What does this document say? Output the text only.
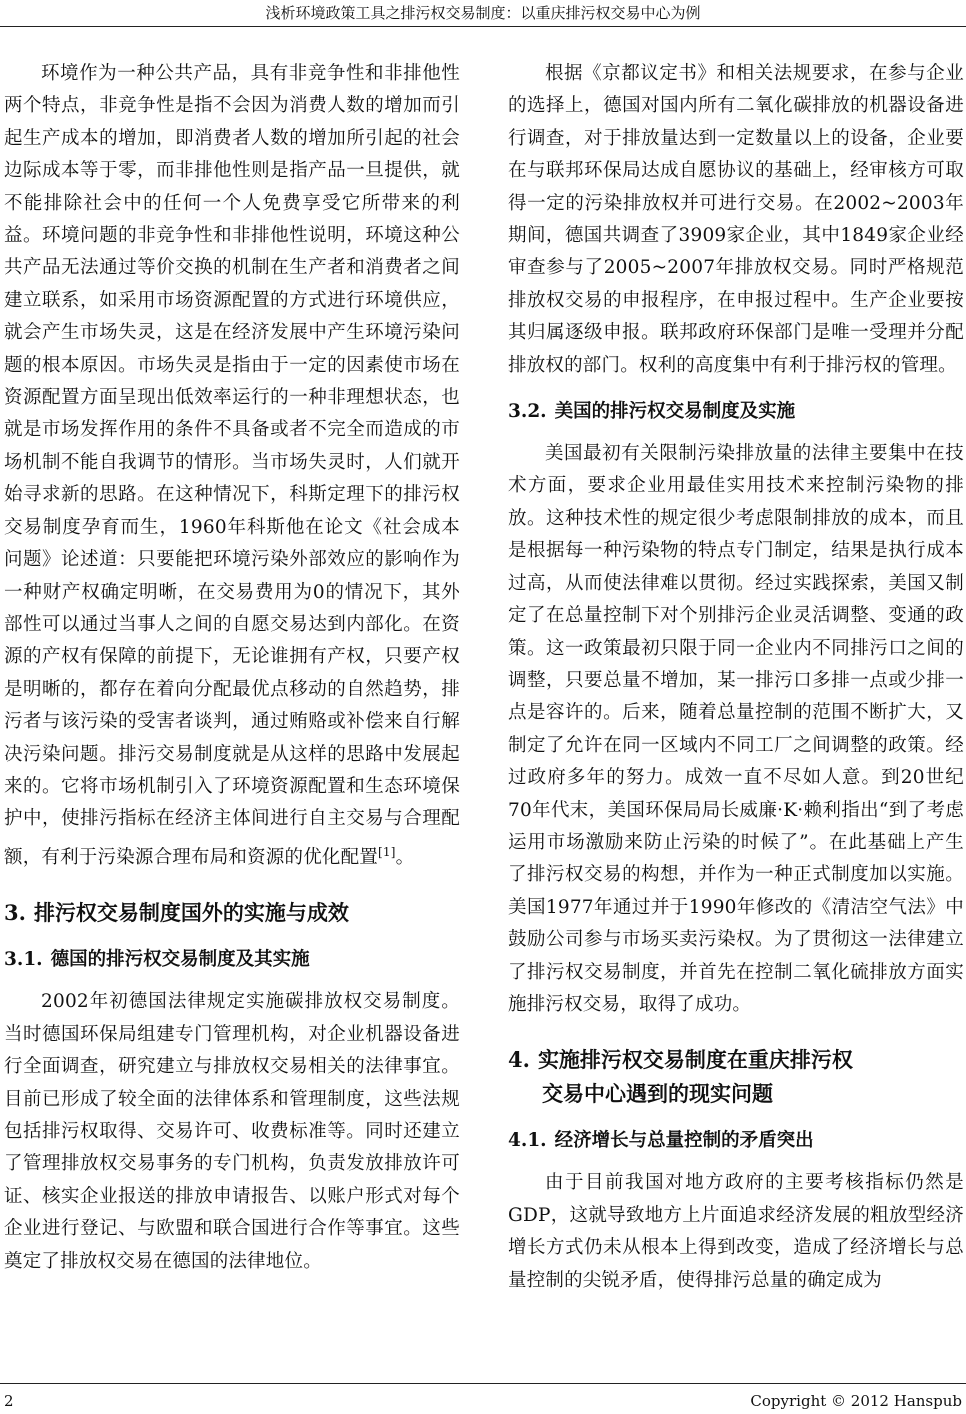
浅析环境政策工具之排污权交易制度：以重庆排污权交易中心为例

环境作为一种公共产品，具有非竞争性和非排他性两个特点，非竞争性是指不会因为消费人数的增加而引起生产成本的增加，即消费者人数的增加所引起的社会边际成本等于零，而非排他性则是指产品一旦提供，就不能排除社会中的任何一个人免费享受它所带来的利益。环境问题的非竞争性和非排他性说明，环境这种公共产品无法通过等价交换的机制在生产者和消费者之间建立联系，如采用市场资源配置的方式进行环境供应，就会产生市场失灵，这是在经济发展中产生环境污染问题的根本原因。市场失灵是指由于一定的因素使市场在资源配置方面呈现出低效率运行的一种非理想状态，也就是市场发挥作用的条件不具备或者不完全而造成的市场机制不能自我调节的情形。当市场失灵时，人们就开始寻求新的思路。在这种情况下，科斯定理下的排污权交易制度孕育而生，1960年科斯他在论文《社会成本问题》论述道：只要能把环境污染外部效应的影响作为一种财产权确定明晰，在交易费用为0的情况下，其外部性可以通过当事人之间的自愿交易达到内部化。在资源的产权有保障的前提下，无论谁拥有产权，只要产权是明晰的，都存在着向分配最优点移动的自然趋势，排污者与该污染的受害者谈判，通过贿赂或补偿来自行解决污染问题。排污交易制度就是从这样的思路中发展起来的。它将市场机制引入了环境资源配置和生态环境保护中，使排污指标在经济主体间进行自主交易与合理配额，有利于污染源合理布局和资源的优化配置[1]。

3. 排污权交易制度国外的实施与成效
3.1. 德国的排污权交易制度及其实施

2002年初德国法律规定实施碳排放权交易制度。当时德国环保局组建专门管理机构，对企业机器设备进行全面调查，研究建立与排放权交易相关的法律事宜。目前已形成了较全面的法律体系和管理制度，这些法规包括排污权取得、交易许可、收费标准等。同时还建立了管理排放权交易事务的专门机构，负责发放排放许可证、核实企业报送的排放申请报告、以账户形式对每个企业进行登记、与欧盟和联合国进行合作等事宜。这些奠定了排放权交易在德国的法律地位。

根据《京都议定书》和相关法规要求，在参与企业的选择上，德国对国内所有二氧化碳排放的机器设备进行调查，对于排放量达到一定数量以上的设备，企业要在与联邦环保局达成自愿协议的基础上，经审核方可取得一定的污染排放权并可进行交易。在2002~2003年期间，德国共调查了3909家企业，其中1849家企业经审查参与了2005~2007年排放权交易。同时严格规范排放权交易的申报程序，在申报过程中。生产企业要按其归属逐级申报。联邦政府环保部门是唯一受理并分配排放权的部门。权利的高度集中有利于排污权的管理。

3.2. 美国的排污权交易制度及实施

美国最初有关限制污染排放量的法律主要集中在技术方面，要求企业用最佳实用技术来控制污染物的排放。这种技术性的规定很少考虑限制排放的成本，而且是根据每一种污染物的特点专门制定，结果是执行成本过高，从而使法律难以贯彻。经过实践探索，美国又制定了在总量控制下对个别排污企业灵活调整、变通的政策。这一政策最初只限于同一企业内不同排污口之间的调整，只要总量不增加，某一排污口多排一点或少排一点是容许的。后来，随着总量控制的范围不断扩大，又制定了允许在同一区域内不同工厂之间调整的政策。经过政府多年的努力。成效一直不尽如人意。到20世纪70年代末，美国环保局局长威廉·K·赖利指出“到了考虑运用市场激励来防止污染的时候了”。在此基础上产生了排污权交易的构想，并作为一种正式制度加以实施。美国1977年通过并于1990年修改的《清洁空气法》中鼓励公司参与市场买卖污染权。为了贯彻这一法律建立了排污权交易制度，并首先在控制二氧化硫排放方面实施排污权交易，取得了成功。

4. 实施排污权交易制度在重庆排污权
交易中心遇到的现实问题
4.1. 经济增长与总量控制的矛盾突出

由于目前我国对地方政府的主要考核指标仍然是GDP，这就导致地方上片面追求经济发展的粗放型经济增长方式仍未从根本上得到改变，造成了经济增长与总量控制的尖锐矛盾，使得排污总量的确定成为

2	Copyright © 2012 Hanspub
